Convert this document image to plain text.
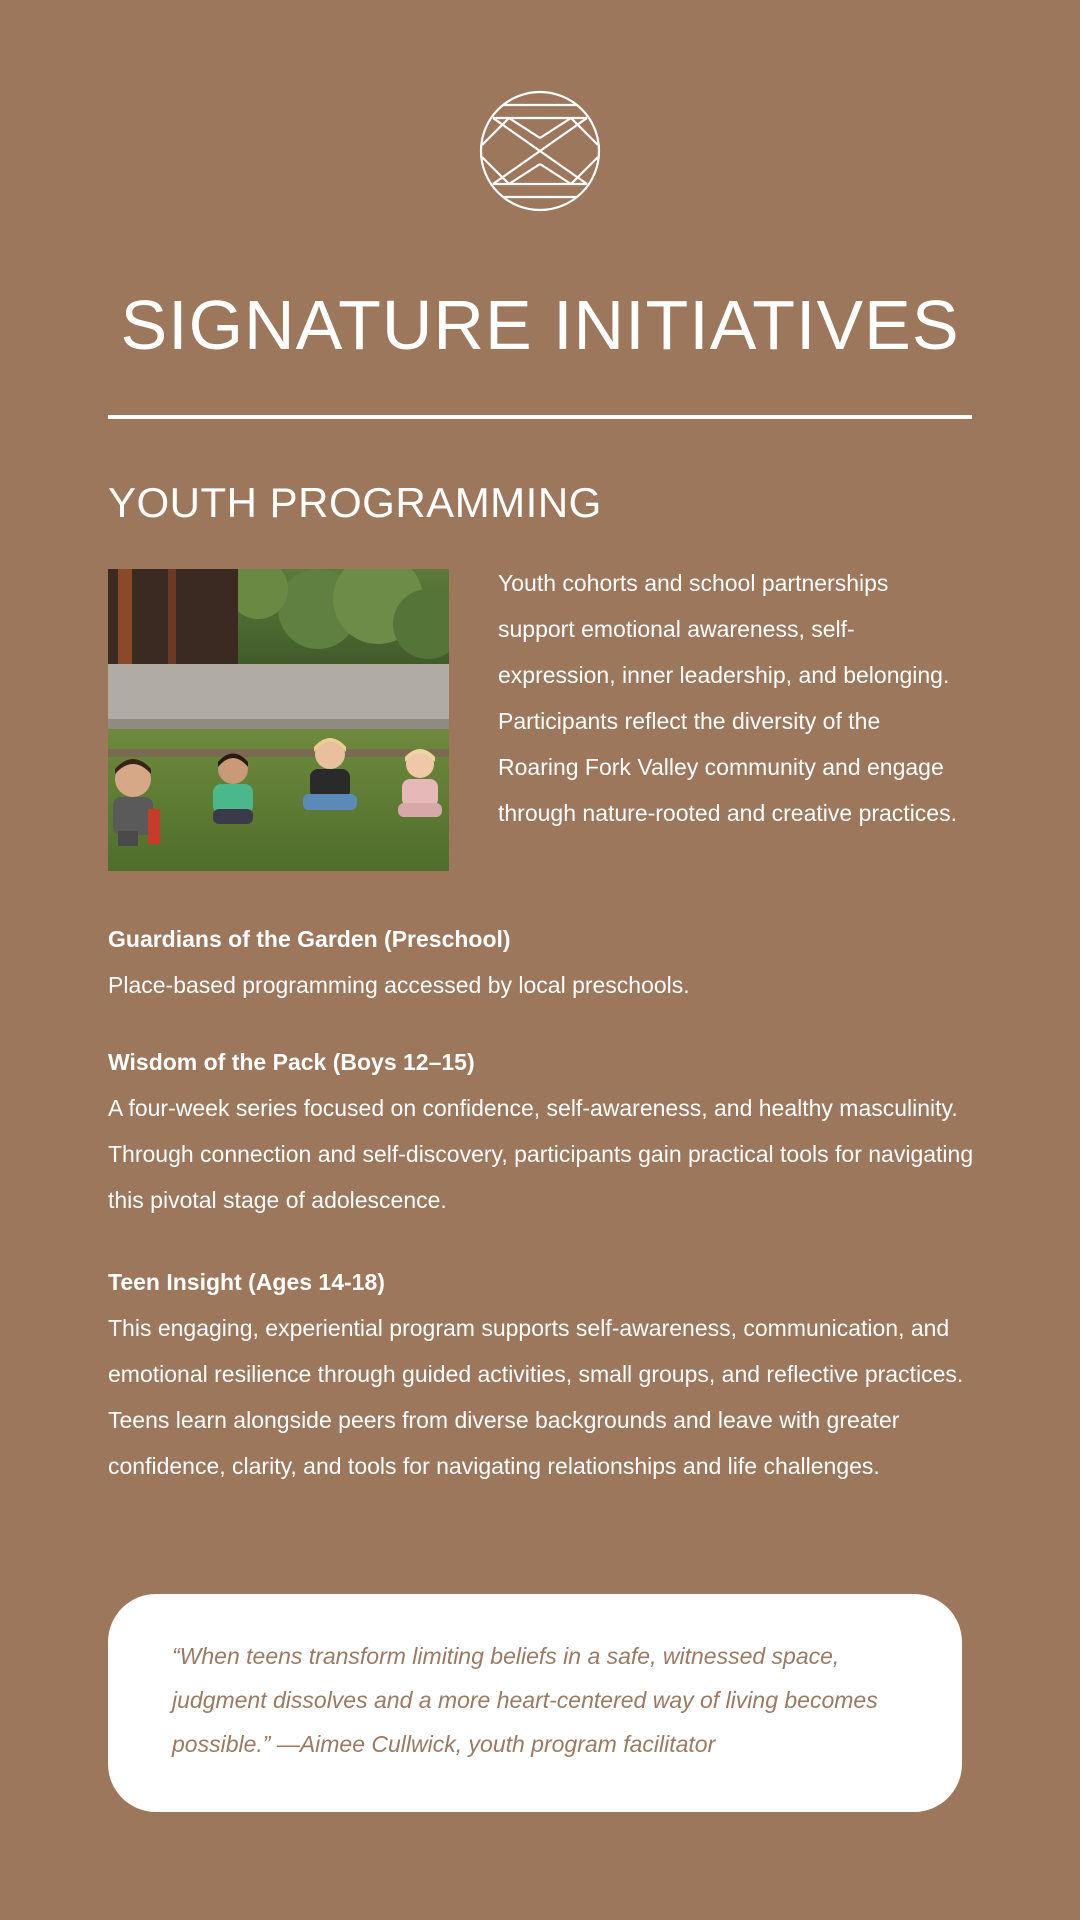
SIGNATURE INITIATIVES
YOUTH PROGRAMMING

Youth cohorts and school partnerships support emotional awareness, self-expression, inner leadership, and belonging. Participants reflect the diversity of the Roaring Fork Valley community and engage through nature-rooted and creative practices.

Guardians of the Garden (Preschool)

Place-based programming accessed by local preschools.

Wisdom of the Pack (Boys 12–15)

A four-week series focused on confidence, self-awareness, and healthy masculinity. Through connection and self-discovery, participants gain practical tools for navigating this pivotal stage of adolescence.

Teen Insight (Ages 14-18)

This engaging, experiential program supports self-awareness, communication, and emotional resilience through guided activities, small groups, and reflective practices. Teens learn alongside peers from diverse backgrounds and leave with greater confidence, clarity, and tools for navigating relationships and life challenges.

“When teens transform limiting beliefs in a safe, witnessed space, judgment dissolves and a more heart-centered way of living becomes possible.” —Aimee Cullwick, youth program facilitator
